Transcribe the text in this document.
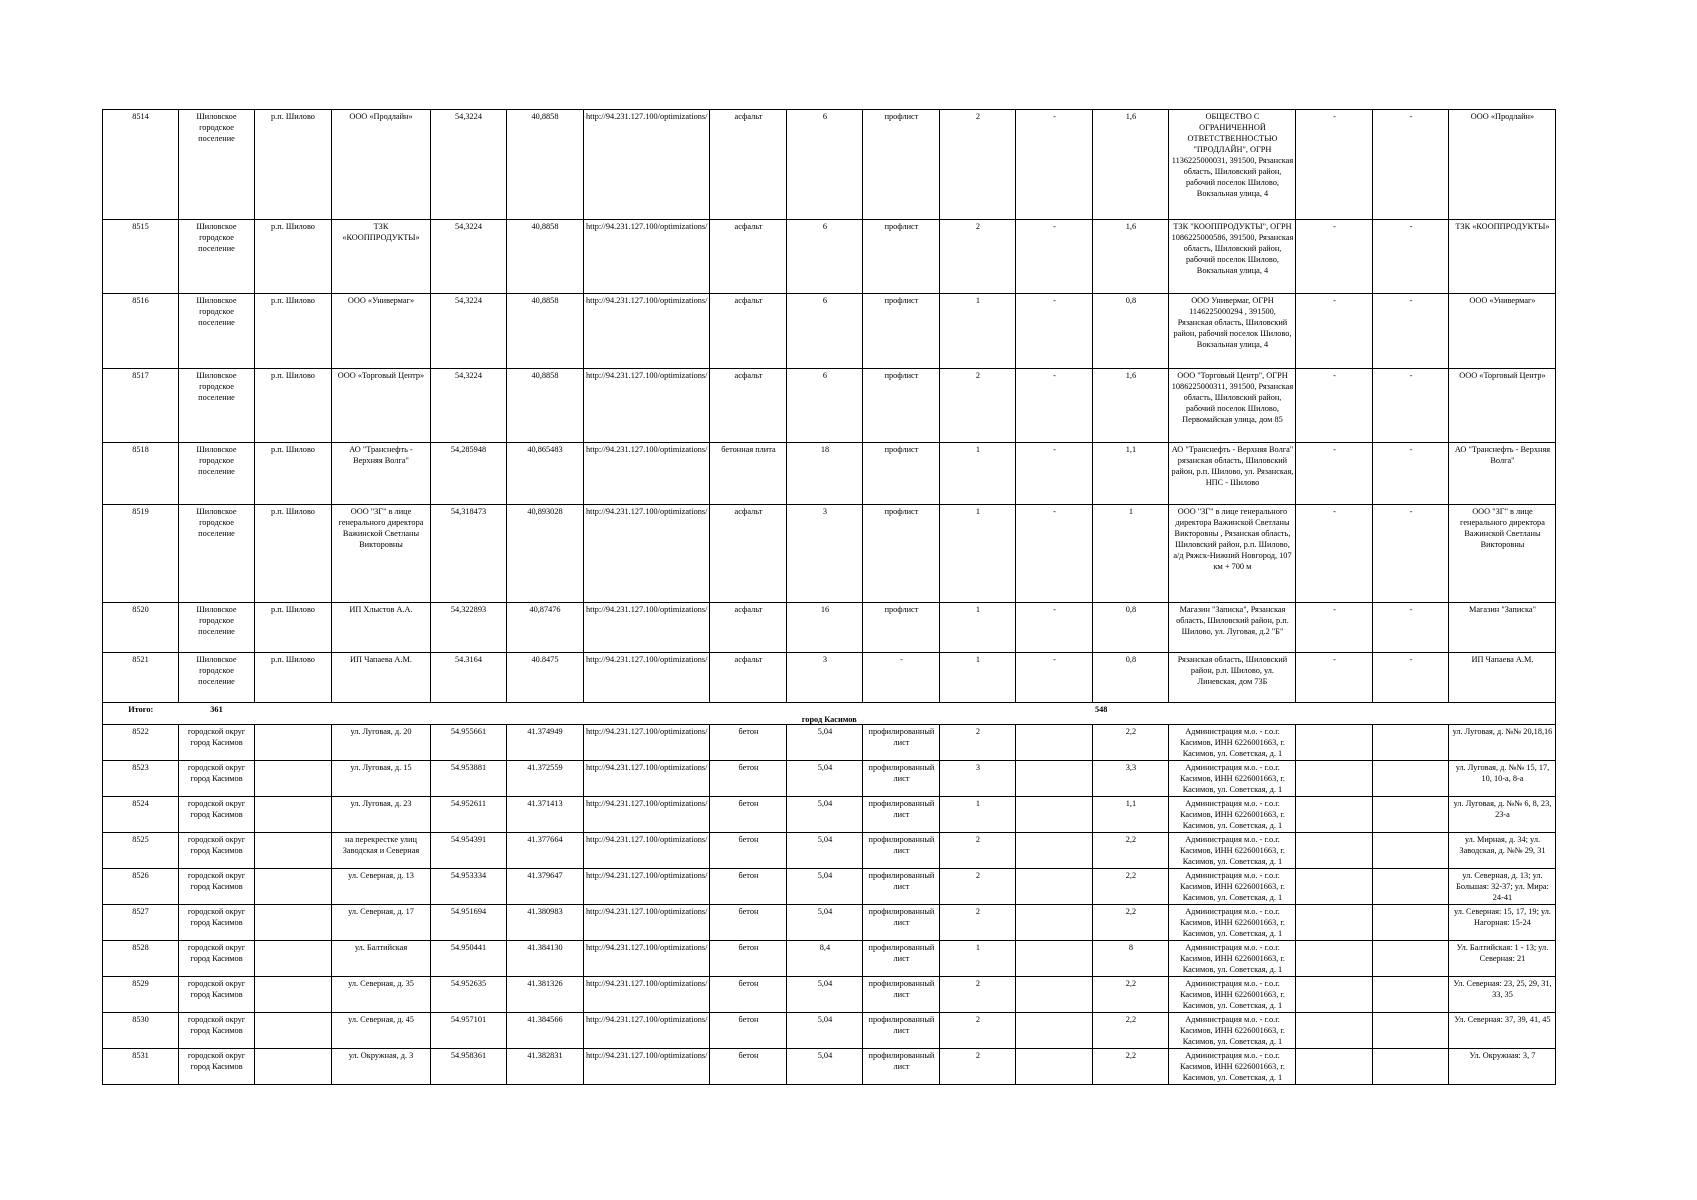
8514	Шиловское городское поселение	р.п. Шилово	ООО «Продлайн»	54,3224	40,8858	http://94.231.127.100/optimizations/	асфальт	6	профлист	2	-	1,6	ОБЩЕСТВО С ОГРАНИЧЕННОЙ ОТВЕТСТВЕННОСТЬЮ "ПРОДЛАЙН", ОГРН 1136225000031, 391500, Рязанская область, Шиловский район, рабочий поселок Шилово, Вокзальная улица, 4	-	-	ООО «Продлайн»
8515	Шиловское городское поселение	р.п. Шилово	ТЗК «КООППРОДУКТЫ»	54,3224	40,8858	http://94.231.127.100/optimizations/	асфальт	6	профлист	2	-	1,6	ТЗК "КООППРОДУКТЫ", ОГРН 1086225000586, 391500, Рязанская область, Шиловский район, рабочий поселок Шилово, Вокзальная улица, 4	-	-	ТЗК «КООППРОДУКТЫ»
8516	Шиловское городское поселение	р.п. Шилово	ООО «Универмаг»	54,3224	40,8858	http://94.231.127.100/optimizations/	асфальт	6	профлист	1	-	0,8	ООО Универмаг, ОГРН 1146225000294 , 391500, Рязанская область, Шиловский район, рабочий поселок Шилово, Вокзальная улица, 4	-	-	ООО «Универмаг»
8517	Шиловское городское поселение	р.п. Шилово	ООО «Торговый Центр»	54,3224	40,8858	http://94.231.127.100/optimizations/	асфальт	6	профлист	2	-	1,6	ООО "Торговый Центр", ОГРН 1086225000311, 391500, Рязанская область, Шиловский район, рабочий поселок Шилово, Первомайская улица, дом 85	-	-	ООО «Торговый Центр»
8518	Шиловское городское поселение	р.п. Шилово	АО "Транснефть - Верхняя Волга"	54,285948	40,865483	http://94.231.127.100/optimizations/	бетонная плита	18	профлист	1	-	1,1	АО "Транснефть - Верхняя Волга" рязанская область, Шиловский район, р.п. Шилово, ул. Рязанская, НПС - Шилово	-	-	АО "Транснефть - Верхняя Волга"
8519	Шиловское городское поселение	р.п. Шилово	ООО "ЗГ" в лице генерального директора Важинской Светланы Викторовны	54,318473	40,893028	http://94.231.127.100/optimizations/	асфальт	3	профлист	1	-	1	ООО "ЗГ" в лице генерального директора Важинской Светланы Викторовны , Рязанская область, Шиловский район, р.п. Шилово, а/д Ряжск-Нижний Новгород, 107 км + 700 м	-	-	ООО "ЗГ" в лице генерального директора Важинской Светланы Викторовны
8520	Шиловское городское поселение	р.п. Шилово	ИП Хлыстов А.А.	54,322893	40,87476	http://94.231.127.100/optimizations/	асфальт	16	профлист	1	-	0,8	Магазин "Записка", Рязанская область, Шиловский район, р.п. Шилово, ул. Луговая, д.2 "Б"	-	-	Магазин "Записка"
8521	Шиловское городское поселение	р.п. Шилово	ИП Чапаева А.М.	54.3164	40.8475	http://94.231.127.100/optimizations/	асфальт	3	-	1	-	0,8	Рязанская область, Шиловский район, р.п. Шилово, ул. Линевская, дом 73Б	-	-	ИП Чапаева А.М.
Итого:	361											548				
город Касимов																
8522	городской округ город Касимов		ул. Луговая, д. 20	54.955661	41.374949	http://94.231.127.100/optimizations/	бетон	5,04	профилированный лист	2		2,2	Администрация м.о. - г.о.г. Касимов, ИНН 6226001663, г. Касимов, ул. Советская, д. 1			ул. Луговая, д. №№ 20,18,16
8523	городской округ город Касимов		ул. Луговая, д. 15	54.953881	41.372559	http://94.231.127.100/optimizations/	бетон	5,04	профилированный лист	3		3,3	Администрация м.о. - г.о.г. Касимов, ИНН 6226001663, г. Касимов, ул. Советская, д. 1			ул. Луговая, д. №№ 15, 17, 10, 10-а, 8-а
8524	городской округ город Касимов		ул. Луговая, д. 23	54.952611	41.371413	http://94.231.127.100/optimizations/	бетон	5,04	профилированный лист	1		1,1	Администрация м.о. - г.о.г. Касимов, ИНН 6226001663, г. Касимов, ул. Советская, д. 1			ул. Луговая, д. №№ 6, 8, 23, 23-а
8525	городской округ город Касимов		на перекрестке улиц Заводская и Северная	54.954391	41.377664	http://94.231.127.100/optimizations/	бетон	5,04	профилированный лист	2		2,2	Администрация м.о. - г.о.г. Касимов, ИНН 6226001663, г. Касимов, ул. Советская, д. 1			ул. Мирная, д. 34; ул. Заводская, д. №№ 29, 31
8526	городской округ город Касимов		ул. Северная, д. 13	54.953334	41.379647	http://94.231.127.100/optimizations/	бетон	5,04	профилированный лист	2		2,2	Администрация м.о. - г.о.г. Касимов, ИНН 6226001663, г. Касимов, ул. Советская, д. 1			ул. Северная, д. 13; ул. Большая: 32-37; ул. Мира: 24-41
8527	городской округ город Касимов		ул. Северная, д. 17	54.951694	41.380983	http://94.231.127.100/optimizations/	бетон	5,04	профилированный лист	2		2,2	Администрация м.о. - г.о.г. Касимов, ИНН 6226001663, г. Касимов, ул. Советская, д. 1			ул. Северная: 15, 17, 19; ул. Нагорная: 15-24
8528	городской округ город Касимов		ул. Балтийская	54.950441	41.384130	http://94.231.127.100/optimizations/	бетон	8,4	профилированный лист	1		8	Администрация м.о. - г.о.г. Касимов, ИНН 6226001663, г. Касимов, ул. Советская, д. 1			Ул. Балтийская: 1 - 13; ул. Северная: 21
8529	городской округ город Касимов		ул. Северная, д. 35	54.952635	41.381326	http://94.231.127.100/optimizations/	бетон	5,04	профилированный лист	2		2,2	Администрация м.о. - г.о.г. Касимов, ИНН 6226001663, г. Касимов, ул. Советская, д. 1			Ул. Северная: 23, 25, 29, 31, 33, 35
8530	городской округ город Касимов		ул. Северная, д. 45	54.957101	41.384566	http://94.231.127.100/optimizations/	бетон	5,04	профилированный лист	2		2,2	Администрация м.о. - г.о.г. Касимов, ИНН 6226001663, г. Касимов, ул. Советская, д. 1			Ул. Северная: 37, 39, 41, 45
8531	городской округ город Касимов		ул. Окружная, д. 3	54.958361	41.382831	http://94.231.127.100/optimizations/	бетон	5,04	профилированный лист	2		2,2	Администрация м.о. - г.о.г. Касимов, ИНН 6226001663, г. Касимов, ул. Советская, д. 1			Ул. Окружная: 3, 7
